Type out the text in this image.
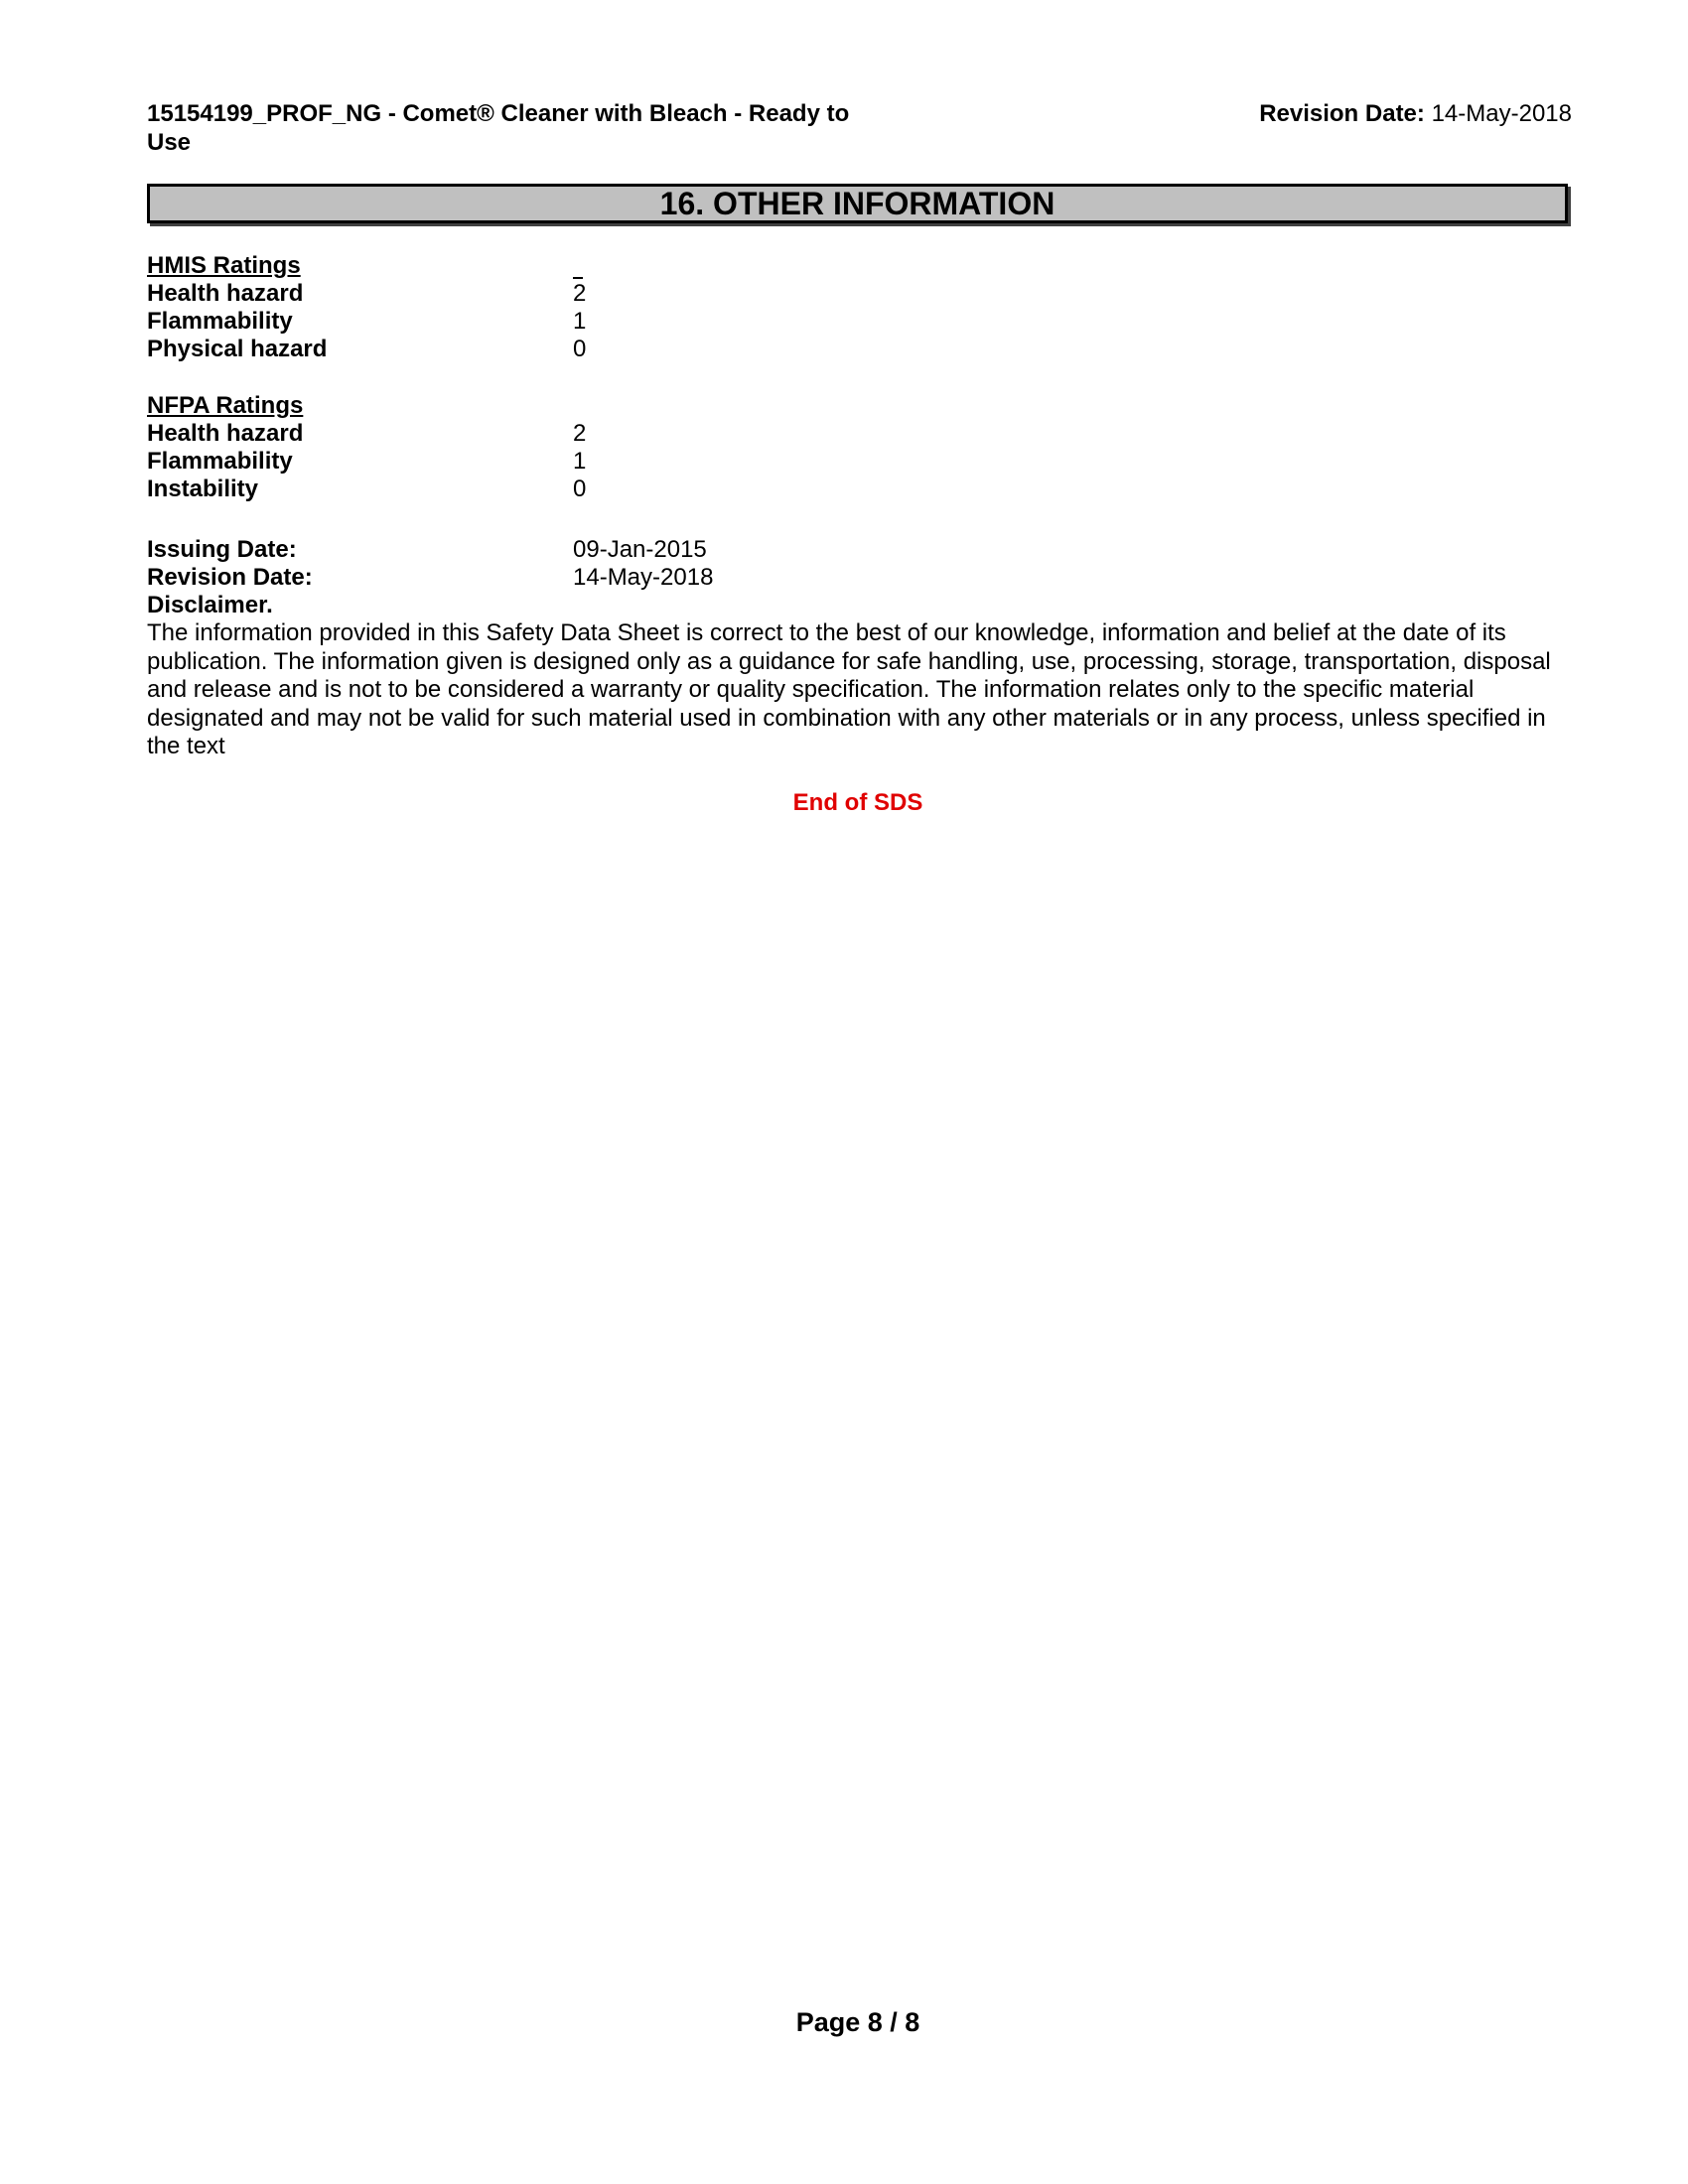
15154199_PROF_NG - Comet® Cleaner with Bleach - Ready to Use
Revision Date: 14-May-2018
16. OTHER INFORMATION
HMIS Ratings
Health hazard	2
Flammability	1
Physical hazard	0
NFPA Ratings
Health hazard	2
Flammability	1
Instability	0
Issuing Date:	09-Jan-2015
Revision Date:	14-May-2018
Disclaimer.
The information provided in this Safety Data Sheet is correct to the best of our knowledge, information and belief at the date of its publication. The information given is designed only as a guidance for safe handling, use, processing, storage, transportation, disposal and release and is not to be considered a warranty or quality specification. The information relates only to the specific material designated and may not be valid for such material used in combination with any other materials or in any process, unless specified in the text
End of SDS
Page 8 / 8
